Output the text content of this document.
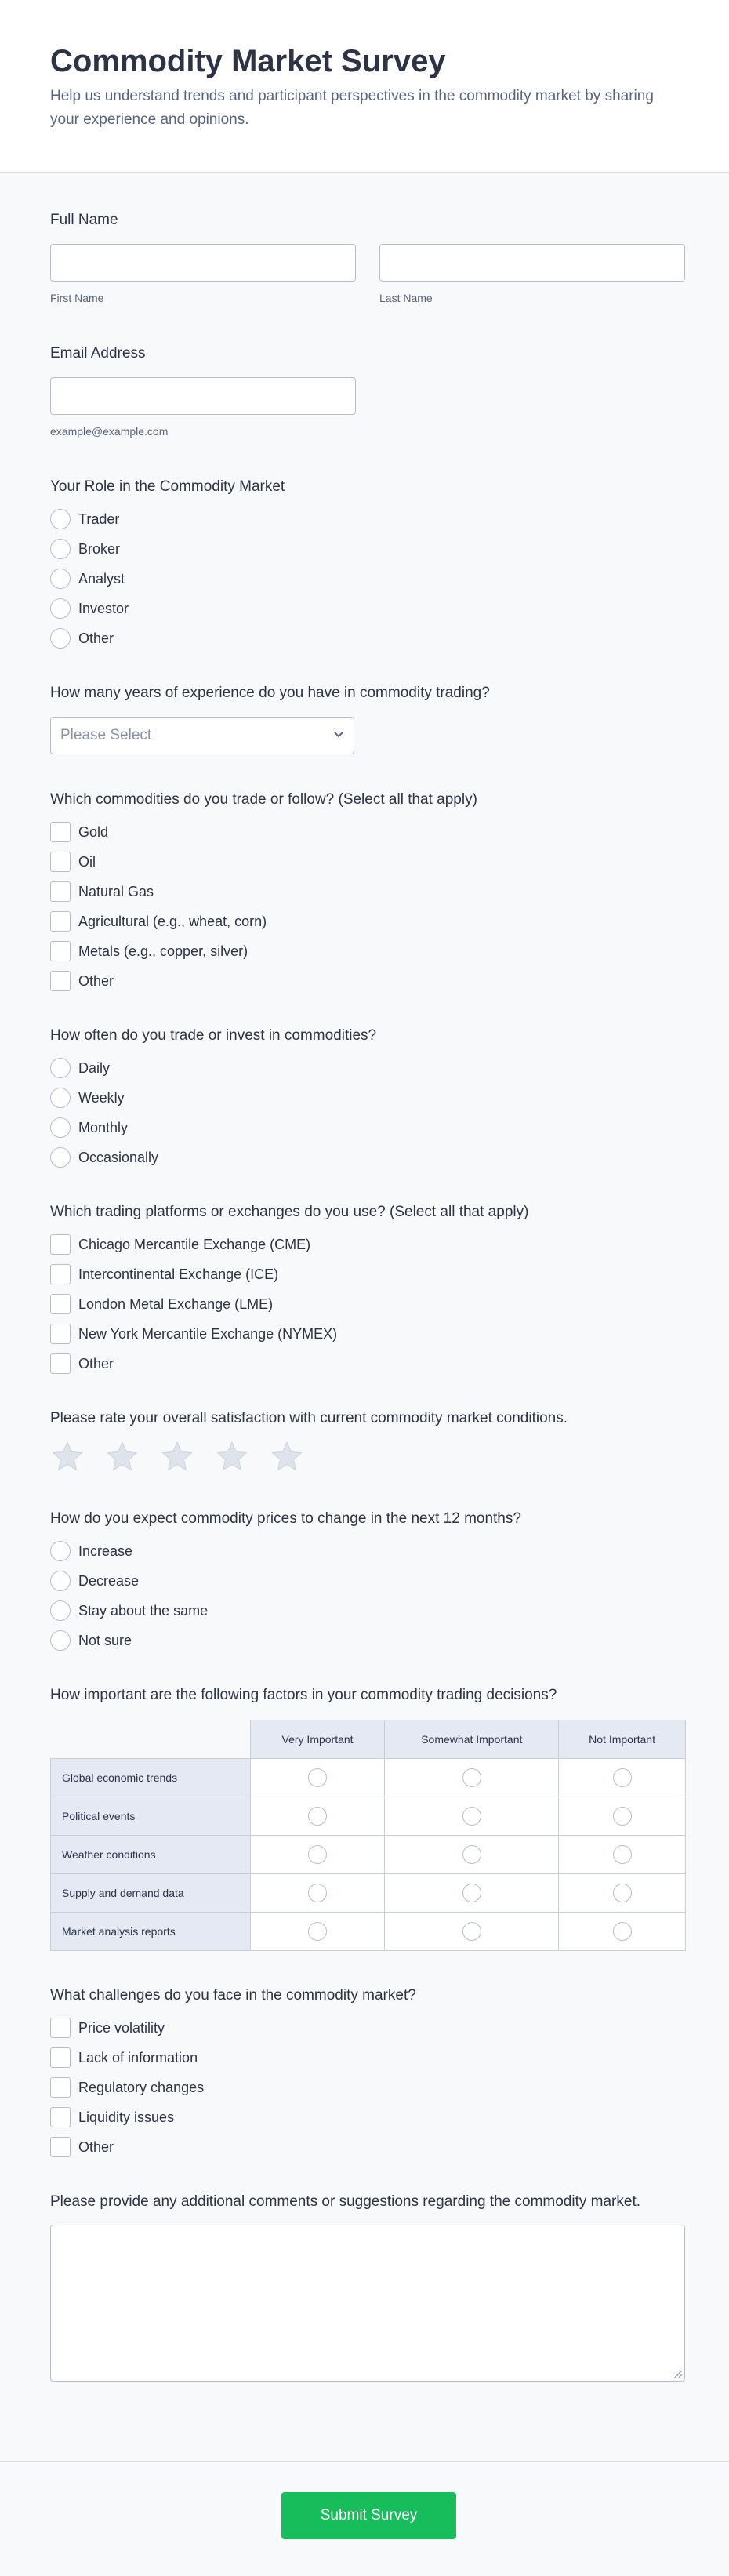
Commodity Market Survey

Help us understand trends and participant perspectives in the commodity market by sharing your experience and opinions.

Full Name
First Name	Last Name
Email Address
example@example.com
Your Role in the Commodity Market
Trader
Broker
Analyst
Investor
Other
How many years of experience do you have in commodity trading?
Please Select
Which commodities do you trade or follow? (Select all that apply)
Gold
Oil
Natural Gas
Agricultural (e.g., wheat, corn)
Metals (e.g., copper, silver)
Other
How often do you trade or invest in commodities?
Daily
Weekly
Monthly
Occasionally
Which trading platforms or exchanges do you use? (Select all that apply)
Chicago Mercantile Exchange (CME)
Intercontinental Exchange (ICE)
London Metal Exchange (LME)
New York Mercantile Exchange (NYMEX)
Other
Please rate your overall satisfaction with current commodity market conditions.
How do you expect commodity prices to change in the next 12 months?
Increase
Decrease
Stay about the same
Not sure
How important are the following factors in your commodity trading decisions?
	Very Important	Somewhat Important	Not Important
Global economic trends			
Political events			
Weather conditions			
Supply and demand data			
Market analysis reports			
What challenges do you face in the commodity market?
Price volatility
Lack of information
Regulatory changes
Liquidity issues
Other
Please provide any additional comments or suggestions regarding the commodity market.
Submit Survey
